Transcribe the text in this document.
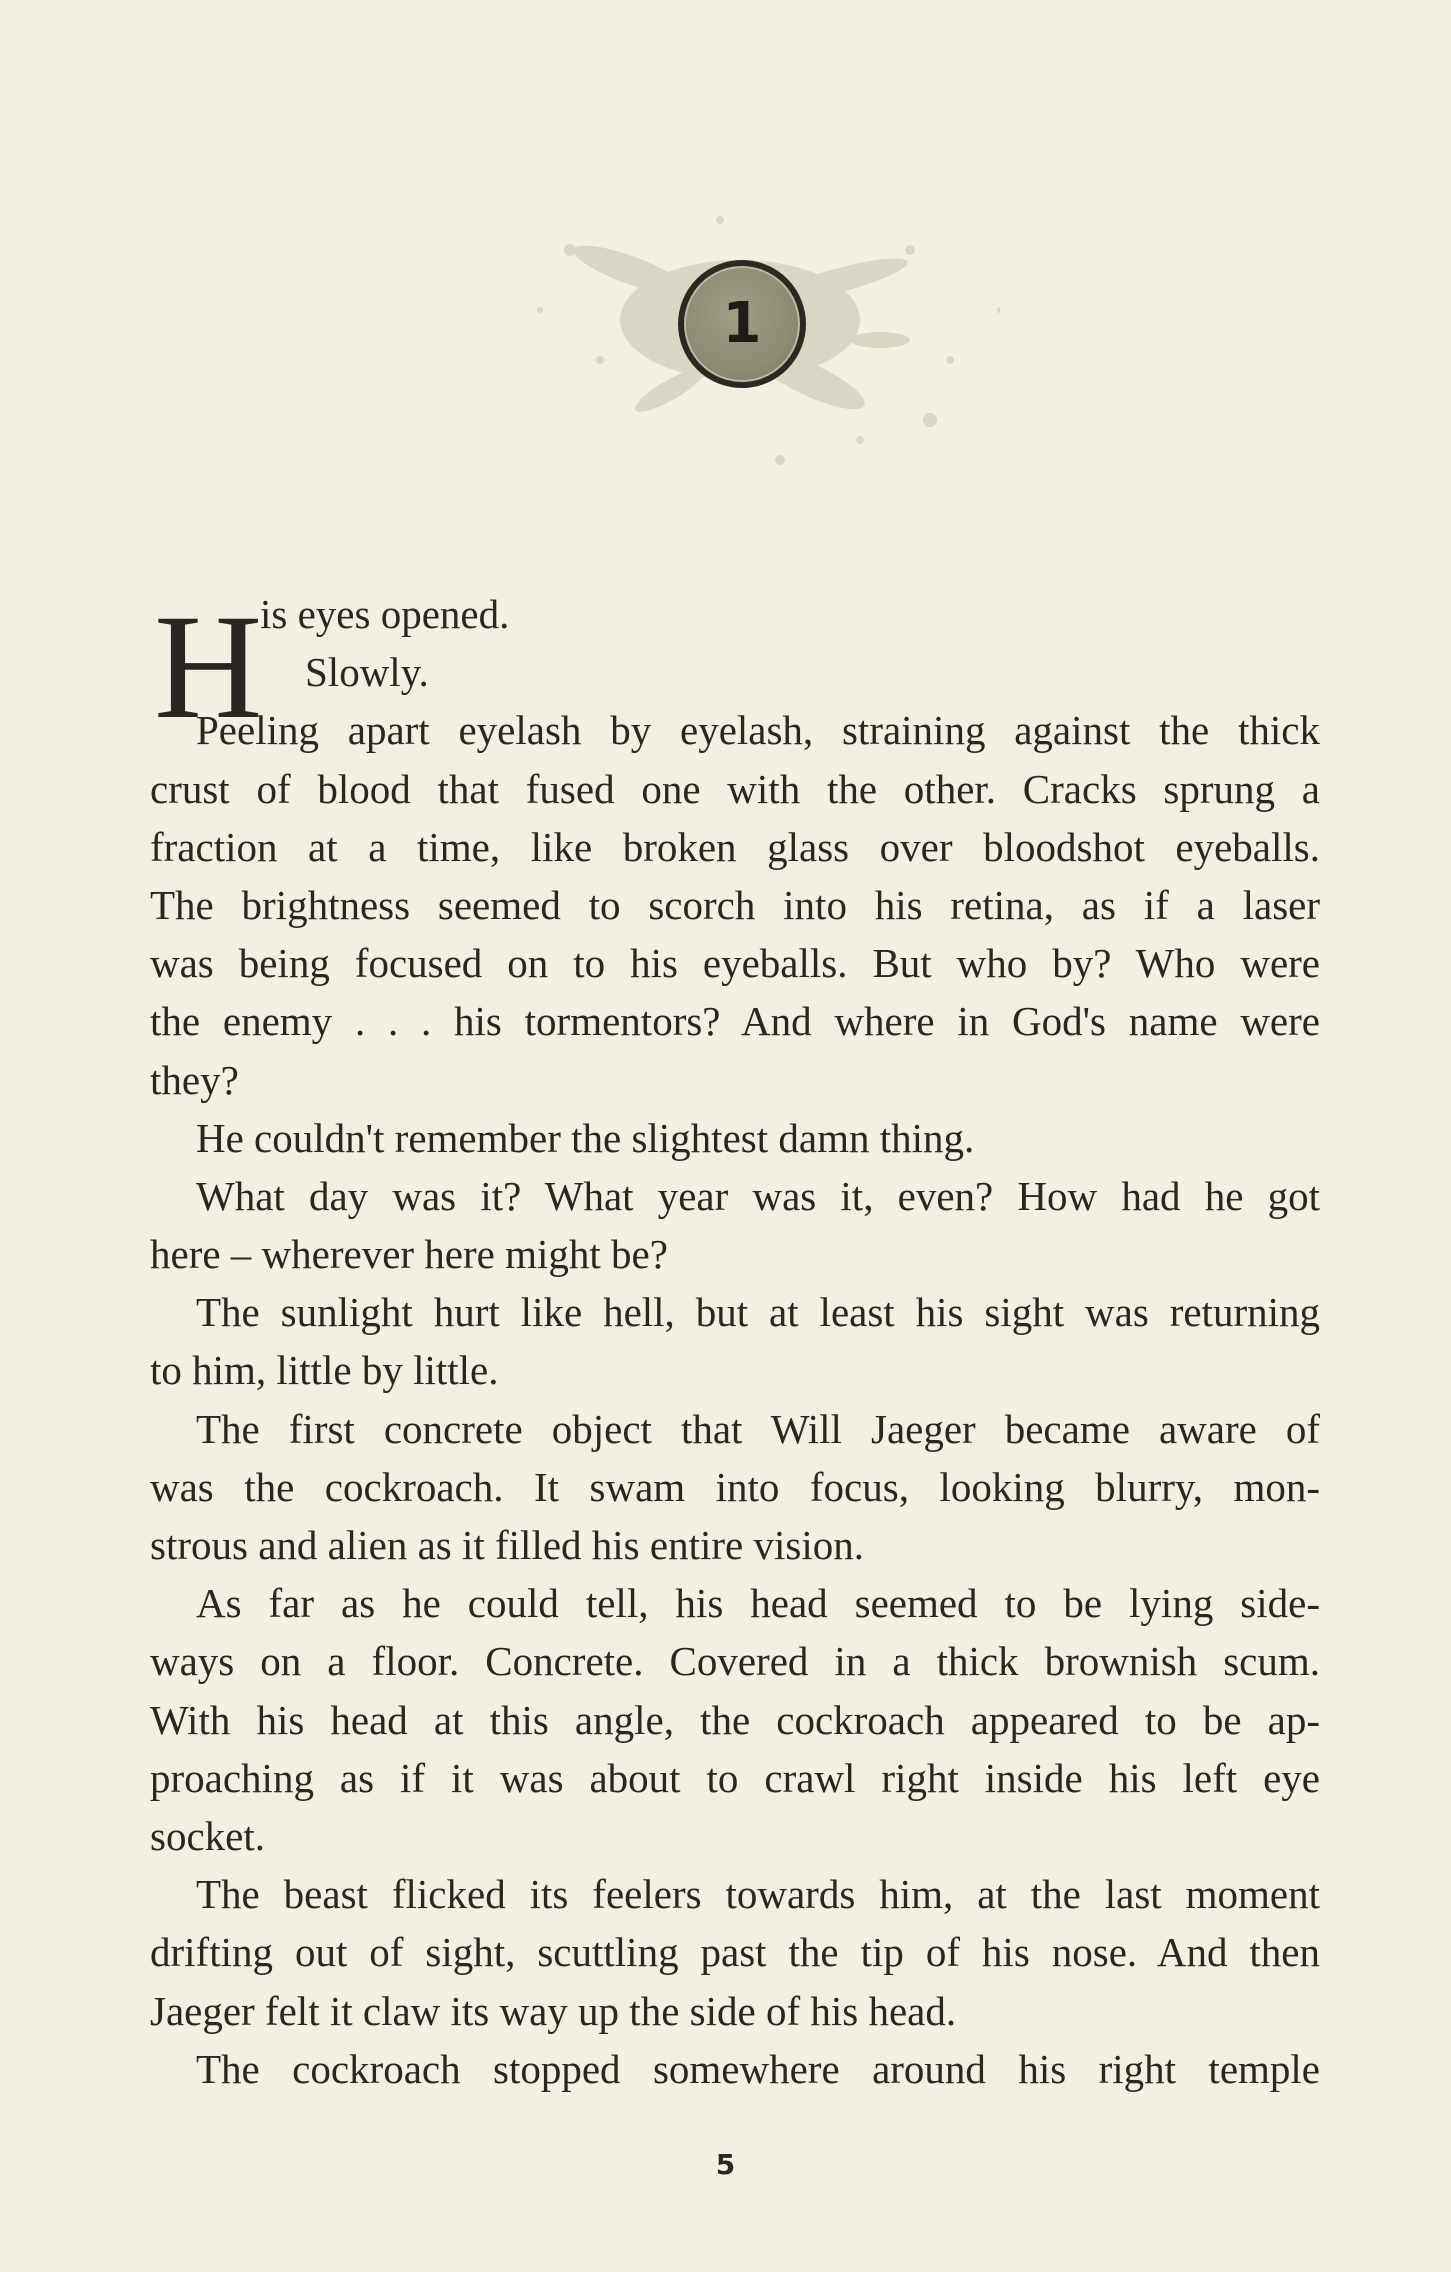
1
H
is eyes opened.
Slowly.
Peeling apart eyelash by eyelash, straining against the thick
crust of blood that fused one with the other. Cracks sprung a
fraction at a time, like broken glass over bloodshot eyeballs.
The brightness seemed to scorch into his retina, as if a laser
was being focused on to his eyeballs. But who by? Who were
the enemy . . . his tormentors? And where in God's name were
they?
He couldn't remember the slightest damn thing.
What day was it? What year was it, even? How had he got
here – wherever here might be?
The sunlight hurt like hell, but at least his sight was returning
to him, little by little.
The first concrete object that Will Jaeger became aware of
was the cockroach. It swam into focus, looking blurry, mon-
strous and alien as it filled his entire vision.
As far as he could tell, his head seemed to be lying side-
ways on a floor. Concrete. Covered in a thick brownish scum.
With his head at this angle, the cockroach appeared to be ap-
proaching as if it was about to crawl right inside his left eye
socket.
The beast flicked its feelers towards him, at the last moment
drifting out of sight, scuttling past the tip of his nose. And then
Jaeger felt it claw its way up the side of his head.
The cockroach stopped somewhere around his right temple
5
